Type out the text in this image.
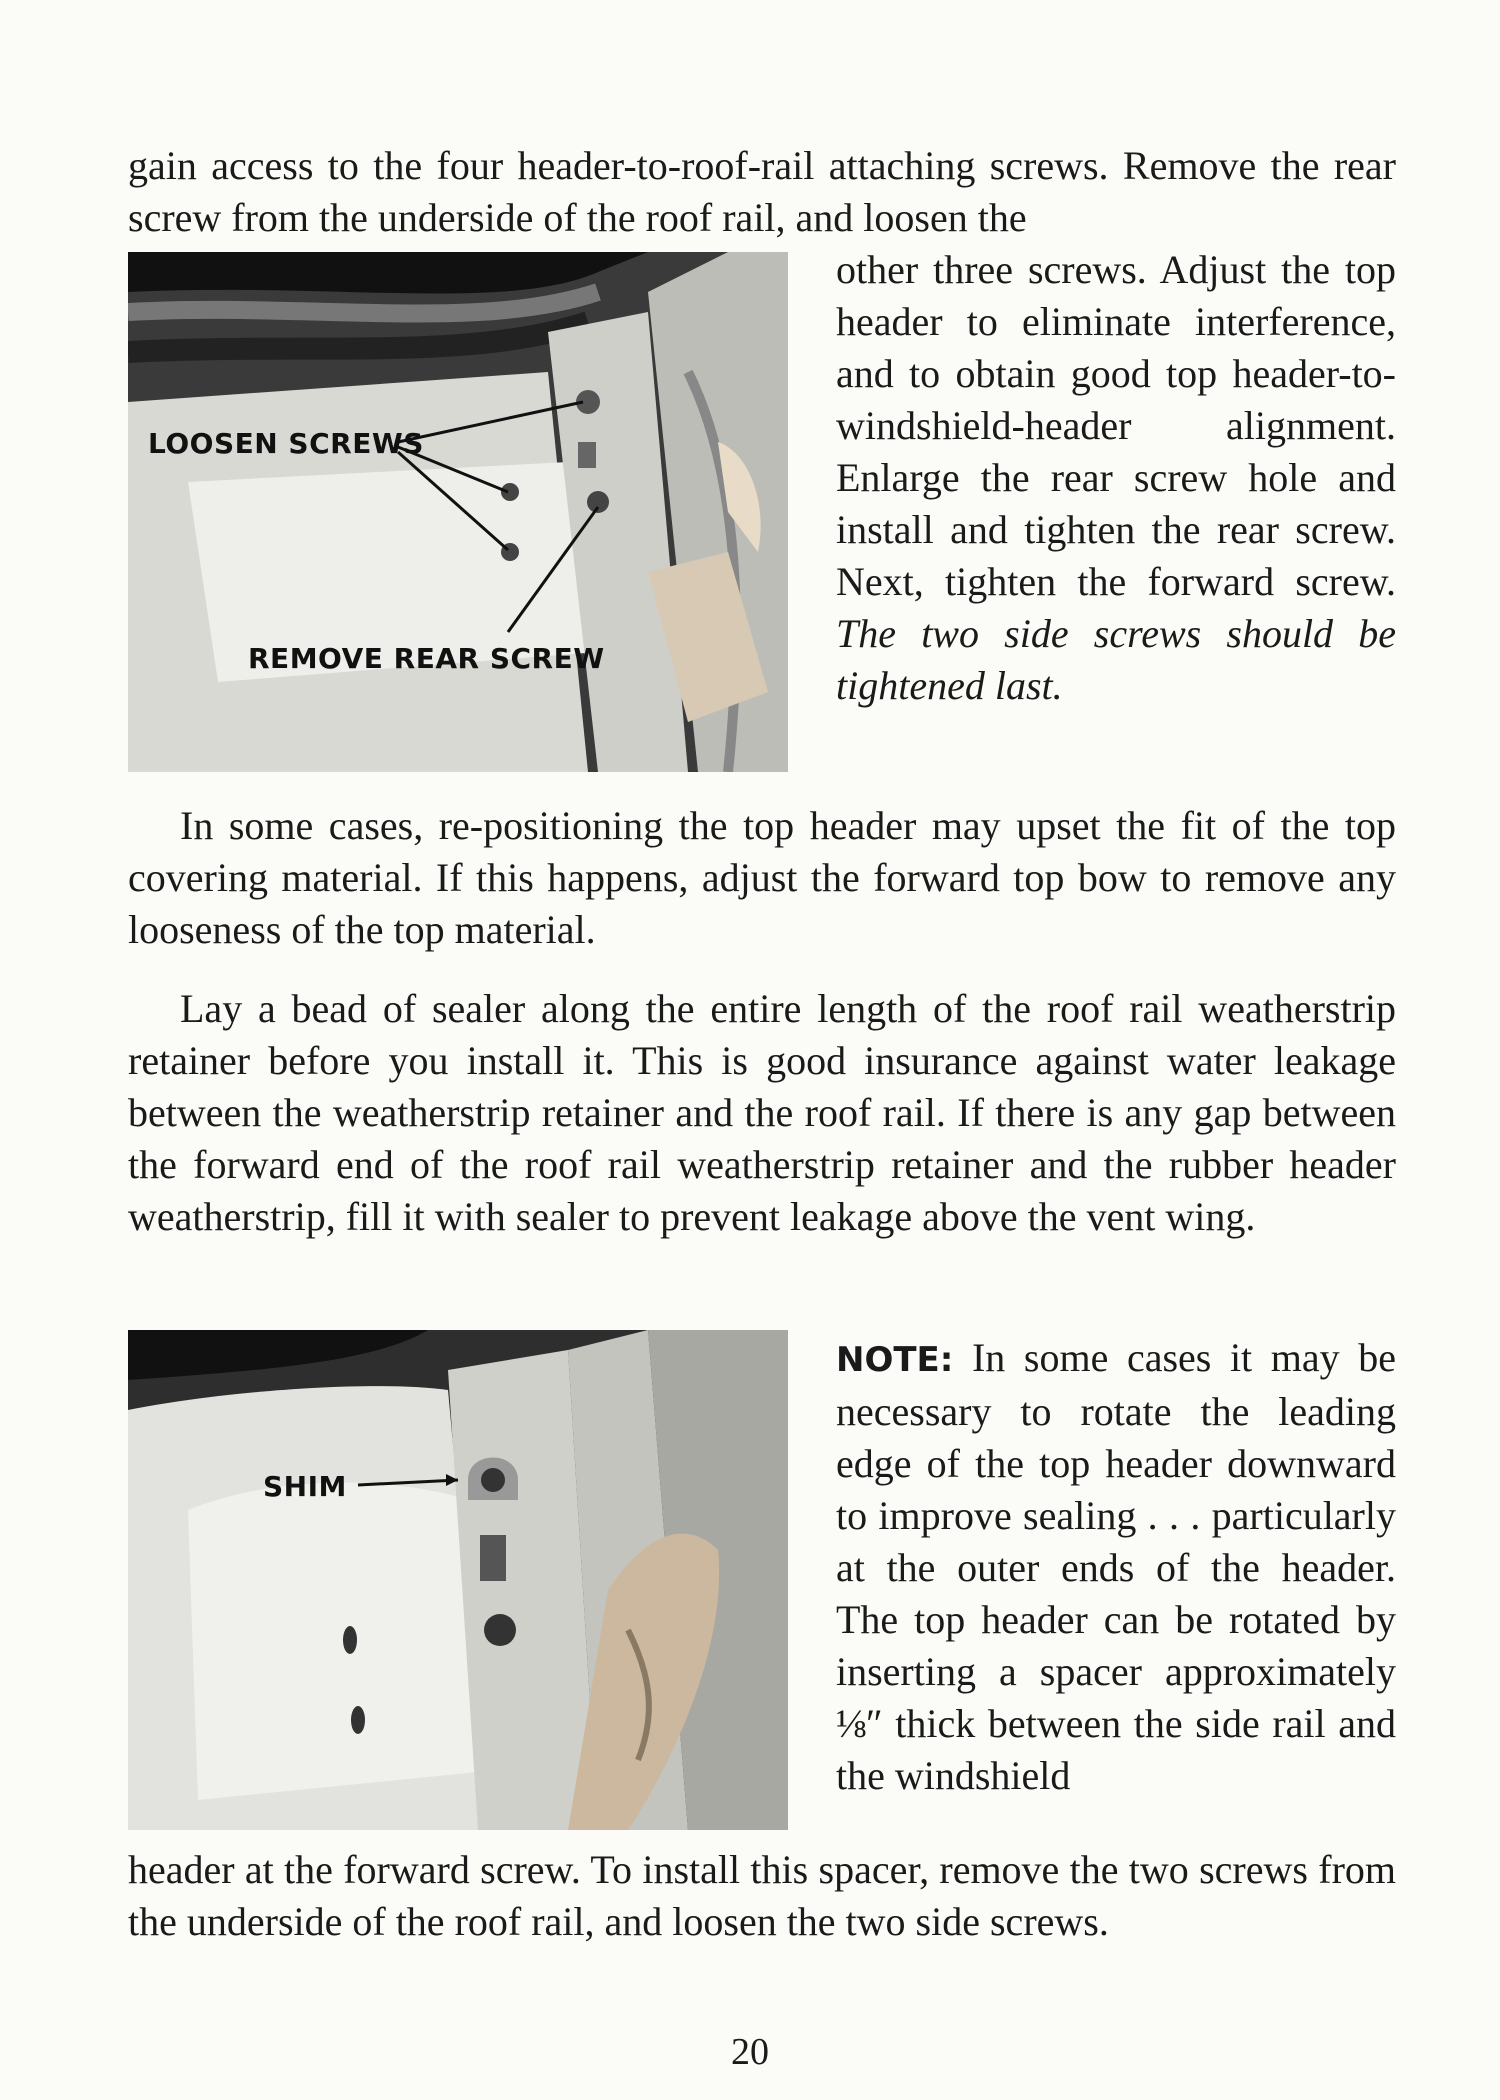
gain access to the four header-to-roof-rail attaching screws. Remove the rear screw from the underside of the roof rail, and loosen the

LOOSEN SCREWS
REMOVE REAR SCREW
other three screws. Adjust the top header to eliminate interference, and to obtain good top header-to-windshield-header alignment. Enlarge the rear screw hole and install and tighten the rear screw. Next, tighten the forward screw. The two side screws should be tightened last.

In some cases, re-positioning the top header may upset the fit of the top covering material. If this happens, adjust the forward top bow to remove any looseness of the top material.

Lay a bead of sealer along the entire length of the roof rail weatherstrip retainer before you install it. This is good insurance against water leakage between the weatherstrip retainer and the roof rail. If there is any gap between the forward end of the roof rail weatherstrip retainer and the rubber header weatherstrip, fill it with sealer to prevent leakage above the vent wing.

SHIM
NOTE: In some cases it may be necessary to rotate the leading edge of the top header downward to improve sealing . . . particularly at the outer ends of the header. The top header can be rotated by inserting a spacer approximately ⅛″ thick between the side rail and the windshield

header at the forward screw. To install this spacer, remove the two screws from the underside of the roof rail, and loosen the two side screws.

20
